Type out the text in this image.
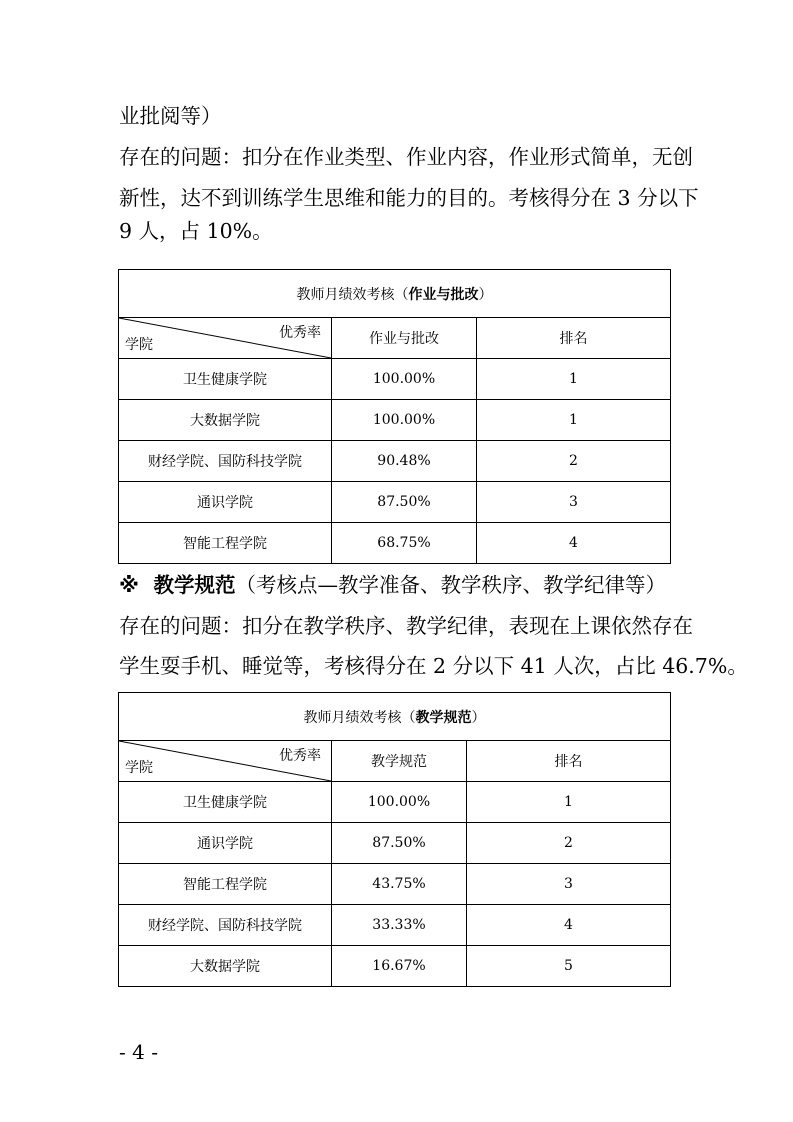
业批阅等）
存在的问题：扣分在作业类型、作业内容，作业形式简单，无创
新性，达不到训练学生思维和能力的目的。考核得分在 3 分以下
9 人，占 10%。
教师月绩效考核（作业与批改）		

学院
优秀率	作业与批改	排名
卫生健康学院	100.00%	1
大数据学院	100.00%	1
财经学院、国防科技学院	90.48%	2
通识学院	87.50%	3
智能工程学院	68.75%	4
※ 教学规范（考核点—教学准备、教学秩序、教学纪律等）
存在的问题：扣分在教学秩序、教学纪律，表现在上课依然存在
学生耍手机、睡觉等，考核得分在 2 分以下 41 人次，占比 46.7%。
教师月绩效考核（教学规范）		

学院
优秀率	教学规范	排名
卫生健康学院	100.00%	1
通识学院	87.50%	2
智能工程学院	43.75%	3
财经学院、国防科技学院	33.33%	4
大数据学院	16.67%	5
- 4 -
